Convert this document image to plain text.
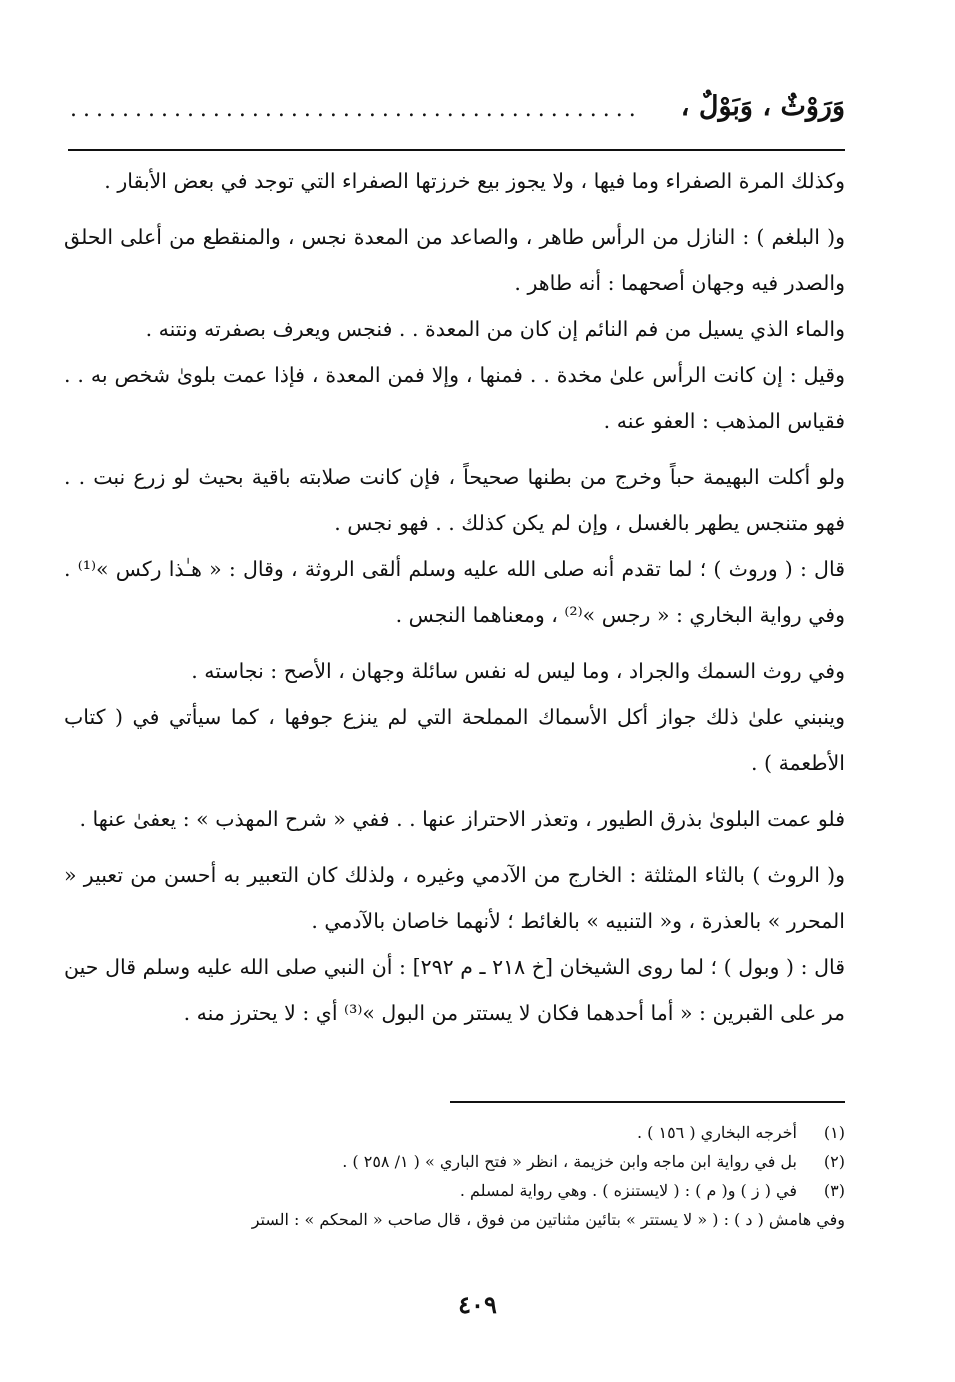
وَرَوْثٌ ، وَبَوْلٌ ،
............................................

وكذلك المرة الصفراء وما فيها ، ولا يجوز بيع خرزتها الصفراء التي توجد في بعض الأبقار .

و( البلغم ) : النازل من الرأس طاهر ، والصاعد من المعدة نجس ، والمنقطع من أعلى الحلق والصدر فيه وجهان أصحهما : أنه طاهر .

والماء الذي يسيل من فم النائم إن كان من المعدة . . فنجس ويعرف بصفرته ونتنه .

وقيل : إن كانت الرأس علىٰ مخدة . . فمنها ، وإلا فمن المعدة ، فإذا عمت بلوىٰ شخص به . . فقياس المذهب : العفو عنه .

ولو أكلت البهيمة حباً وخرج من بطنها صحيحاً ، فإن كانت صلابته باقية بحيث لو زرع نبت . . فهو متنجس يطهر بالغسل ، وإن لم يكن كذلك . . فهو نجس .

قال : ( وروث ) ؛ لما تقدم أنه صلى الله عليه وسلم ألقى الروثة ، وقال : « هـٰذا ركس »⁽¹⁾ . وفي رواية البخاري : « رجس »⁽²⁾ ، ومعناهما النجس .

وفي روث السمك والجراد ، وما ليس له نفس سائلة وجهان ، الأصح : نجاسته .

وينبني علىٰ ذلك جواز أكل الأسماك المملحة التي لم ينزع جوفها ، كما سيأتي في ( كتاب الأطعمة ) .

فلو عمت البلوىٰ بذرق الطيور ، وتعذر الاحتراز عنها . . ففي « شرح المهذب » : يعفىٰ عنها .

و( الروث ) بالثاء المثلثة : الخارج من الآدمي وغيره ، ولذلك كان التعبير به أحسن من تعبير « المحرر » بالعذرة ، و« التنبيه » بالغائط ؛ لأنهما خاصان بالآدمي .

قال : ( وبول ) ؛ لما روى الشيخان [خ ٢١٨ ـ م ٢٩٢] : أن النبي صلى الله عليه وسلم قال حين مر على القبرين : « أما أحدهما فكان لا يستتر من البول »⁽³⁾ أي : لا يحترز منه .

(١)
أخرجه البخاري ( ١٥٦ ) .
(٢)
بل في رواية ابن ماجه وابن خزيمة ، انظر « فتح الباري » ( ١/ ٢٥٨ ) .
(٣)
في ( ز ) و( م ) : ( لايستنزه ) . وهي رواية لمسلم .
وفي هامش ( د ) : ( « لا يستتر » بتائين مثناتين من فوق ، قال صاحب « المحكم » : الستر
٤٠٩
